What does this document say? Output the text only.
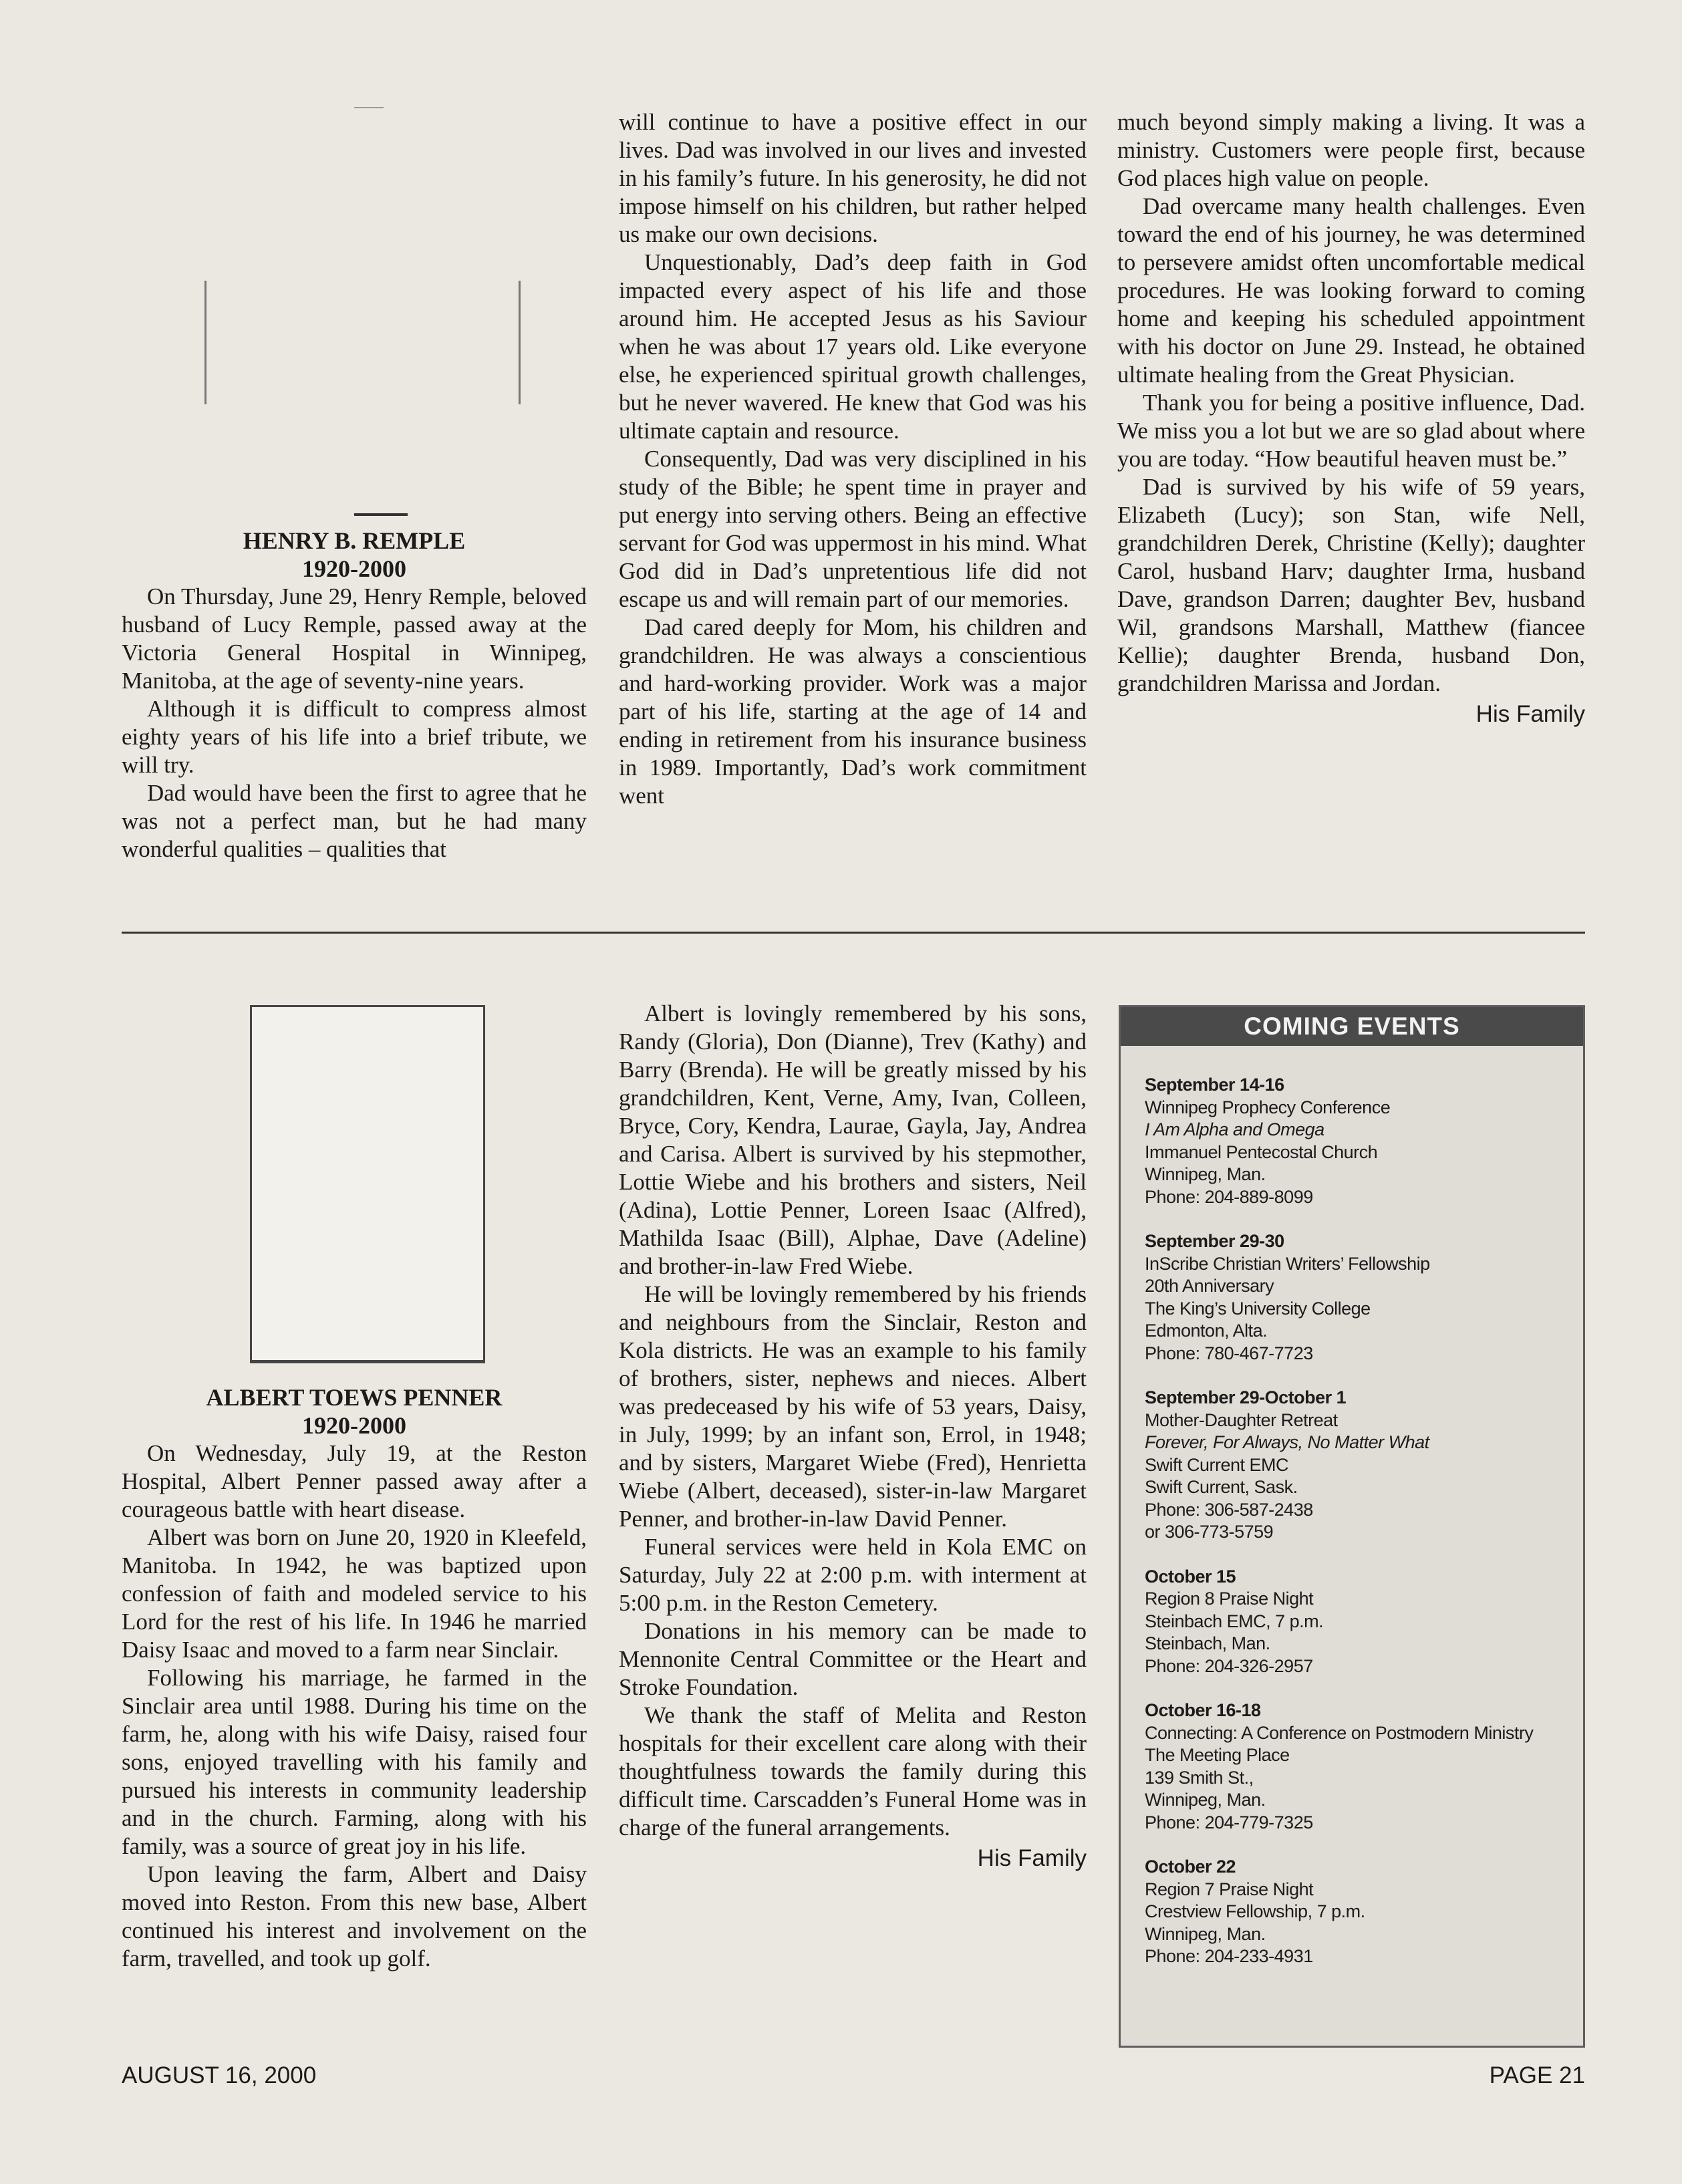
HENRY B. REMPLE
1920-2000

On Thursday, June 29, Henry Remple, beloved husband of Lucy Remple, passed away at the Victoria General Hospital in Winnipeg, Manitoba, at the age of seventy-nine years.

Although it is difficult to compress almost eighty years of his life into a brief tribute, we will try.

Dad would have been the first to agree that he was not a perfect man, but he had many wonderful qualities – qualities that

will continue to have a positive effect in our lives. Dad was involved in our lives and invested in his family’s future. In his generosity, he did not impose himself on his children, but rather helped us make our own decisions.

Unquestionably, Dad’s deep faith in God impacted every aspect of his life and those around him. He accepted Jesus as his Saviour when he was about 17 years old. Like everyone else, he experienced spiritual growth challenges, but he never wavered. He knew that God was his ultimate captain and resource.

Consequently, Dad was very disciplined in his study of the Bible; he spent time in prayer and put energy into serving others. Being an effective servant for God was uppermost in his mind. What God did in Dad’s unpretentious life did not escape us and will remain part of our memories.

Dad cared deeply for Mom, his children and grandchildren. He was always a conscientious and hard-working provider. Work was a major part of his life, starting at the age of 14 and ending in retirement from his insurance business in 1989. Importantly, Dad’s work commitment went

much beyond simply making a living. It was a ministry. Customers were people first, because God places high value on people.

Dad overcame many health challenges. Even toward the end of his journey, he was determined to persevere amidst often uncomfortable medical procedures. He was looking forward to coming home and keeping his scheduled appointment with his doctor on June 29. Instead, he obtained ultimate healing from the Great Physician.

Thank you for being a positive influence, Dad. We miss you a lot but we are so glad about where you are today. “How beautiful heaven must be.”

Dad is survived by his wife of 59 years, Elizabeth (Lucy); son Stan, wife Nell, grandchildren Derek, Christine (Kelly); daughter Carol, husband Harv; daughter Irma, husband Dave, grandson Darren; daughter Bev, husband Wil, grandsons Marshall, Matthew (fiancee Kellie); daughter Brenda, husband Don, grandchildren Marissa and Jordan.

His Family
ALBERT TOEWS PENNER
1920-2000

On Wednesday, July 19, at the Reston Hospital, Albert Penner passed away after a courageous battle with heart disease.

Albert was born on June 20, 1920 in Kleefeld, Manitoba. In 1942, he was baptized upon confession of faith and modeled service to his Lord for the rest of his life. In 1946 he married Daisy Isaac and moved to a farm near Sinclair.

Following his marriage, he farmed in the Sinclair area until 1988. During his time on the farm, he, along with his wife Daisy, raised four sons, enjoyed travelling with his family and pursued his interests in community leadership and in the church. Farming, along with his family, was a source of great joy in his life.

Upon leaving the farm, Albert and Daisy moved into Reston. From this new base, Albert continued his interest and involvement on the farm, travelled, and took up golf.

Albert is lovingly remembered by his sons, Randy (Gloria), Don (Dianne), Trev (Kathy) and Barry (Brenda). He will be greatly missed by his grandchildren, Kent, Verne, Amy, Ivan, Colleen, Bryce, Cory, Kendra, Laurae, Gayla, Jay, Andrea and Carisa. Albert is survived by his stepmother, Lottie Wiebe and his brothers and sisters, Neil (Adina), Lottie Penner, Loreen Isaac (Alfred), Mathilda Isaac (Bill), Alphae, Dave (Adeline) and brother-in-law Fred Wiebe.

He will be lovingly remembered by his friends and neighbours from the Sinclair, Reston and Kola districts. He was an example to his family of brothers, sister, nephews and nieces. Albert was predeceased by his wife of 53 years, Daisy, in July, 1999; by an infant son, Errol, in 1948; and by sisters, Margaret Wiebe (Fred), Henrietta Wiebe (Albert, deceased), sister-in-law Margaret Penner, and brother-in-law David Penner.

Funeral services were held in Kola EMC on Saturday, July 22 at 2:00 p.m. with interment at 5:00 p.m. in the Reston Cemetery.

Donations in his memory can be made to Mennonite Central Committee or the Heart and Stroke Foundation.

We thank the staff of Melita and Reston hospitals for their excellent care along with their thoughtfulness towards the family during this difficult time. Carscadden’s Funeral Home was in charge of the funeral arrangements.

His Family
COMING EVENTS
September 14-16
Winnipeg Prophecy Conference
I Am Alpha and Omega
Immanuel Pentecostal Church
Winnipeg, Man.
Phone: 204-889-8099
September 29-30
InScribe Christian Writers’ Fellowship
20th Anniversary
The King’s University College
Edmonton, Alta.
Phone: 780-467-7723
September 29-October 1
Mother-Daughter Retreat
Forever, For Always, No Matter What
Swift Current EMC
Swift Current, Sask.
Phone: 306-587-2438
or 306-773-5759
October 15
Region 8 Praise Night
Steinbach EMC, 7 p.m.
Steinbach, Man.
Phone: 204-326-2957
October 16-18
Connecting: A Conference on Postmodern Ministry
The Meeting Place
139 Smith St.,
Winnipeg, Man.
Phone: 204-779-7325
October 22
Region 7 Praise Night
Crestview Fellowship, 7 p.m.
Winnipeg, Man.
Phone: 204-233-4931
AUGUST 16, 2000	PAGE 21
